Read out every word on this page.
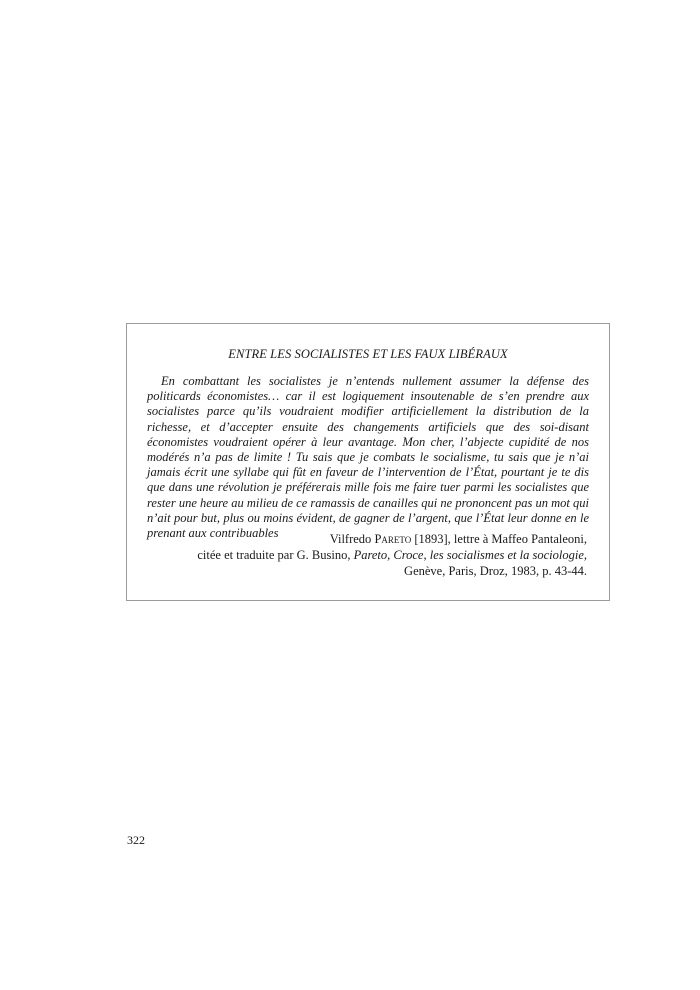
ENTRE LES SOCIALISTES ET LES FAUX LIBÉRAUX

En combattant les socialistes je n’entends nullement assumer la défense des politicards économistes… car il est logiquement insoutenable de s’en prendre aux socialistes parce qu’ils voudraient modifier artificiellement la distribution de la richesse, et d’accepter ensuite des changements artificiels que des soi-disant économistes voudraient opérer à leur avantage. Mon cher, l’abjecte cupidité de nos modérés n’a pas de limite ! Tu sais que je combats le socialisme, tu sais que je n’ai jamais écrit une syllabe qui fût en faveur de l’intervention de l’État, pourtant je te dis que dans une révolution je préférerais mille fois me faire tuer parmi les socialistes que rester une heure au milieu de ce ramassis de canailles qui ne prononcent pas un mot qui n’ait pour but, plus ou moins évident, de gagner de l’argent, que l’État leur donne en le prenant aux contribuables	Vilfredo Pareto [1893], lettre à Maffeo Pantaleoni,
citée et traduite par G. Busino, Pareto, Croce, les socialismes et la sociologie,
Genève, Paris, Droz, 1983, p. 43-44.
322
